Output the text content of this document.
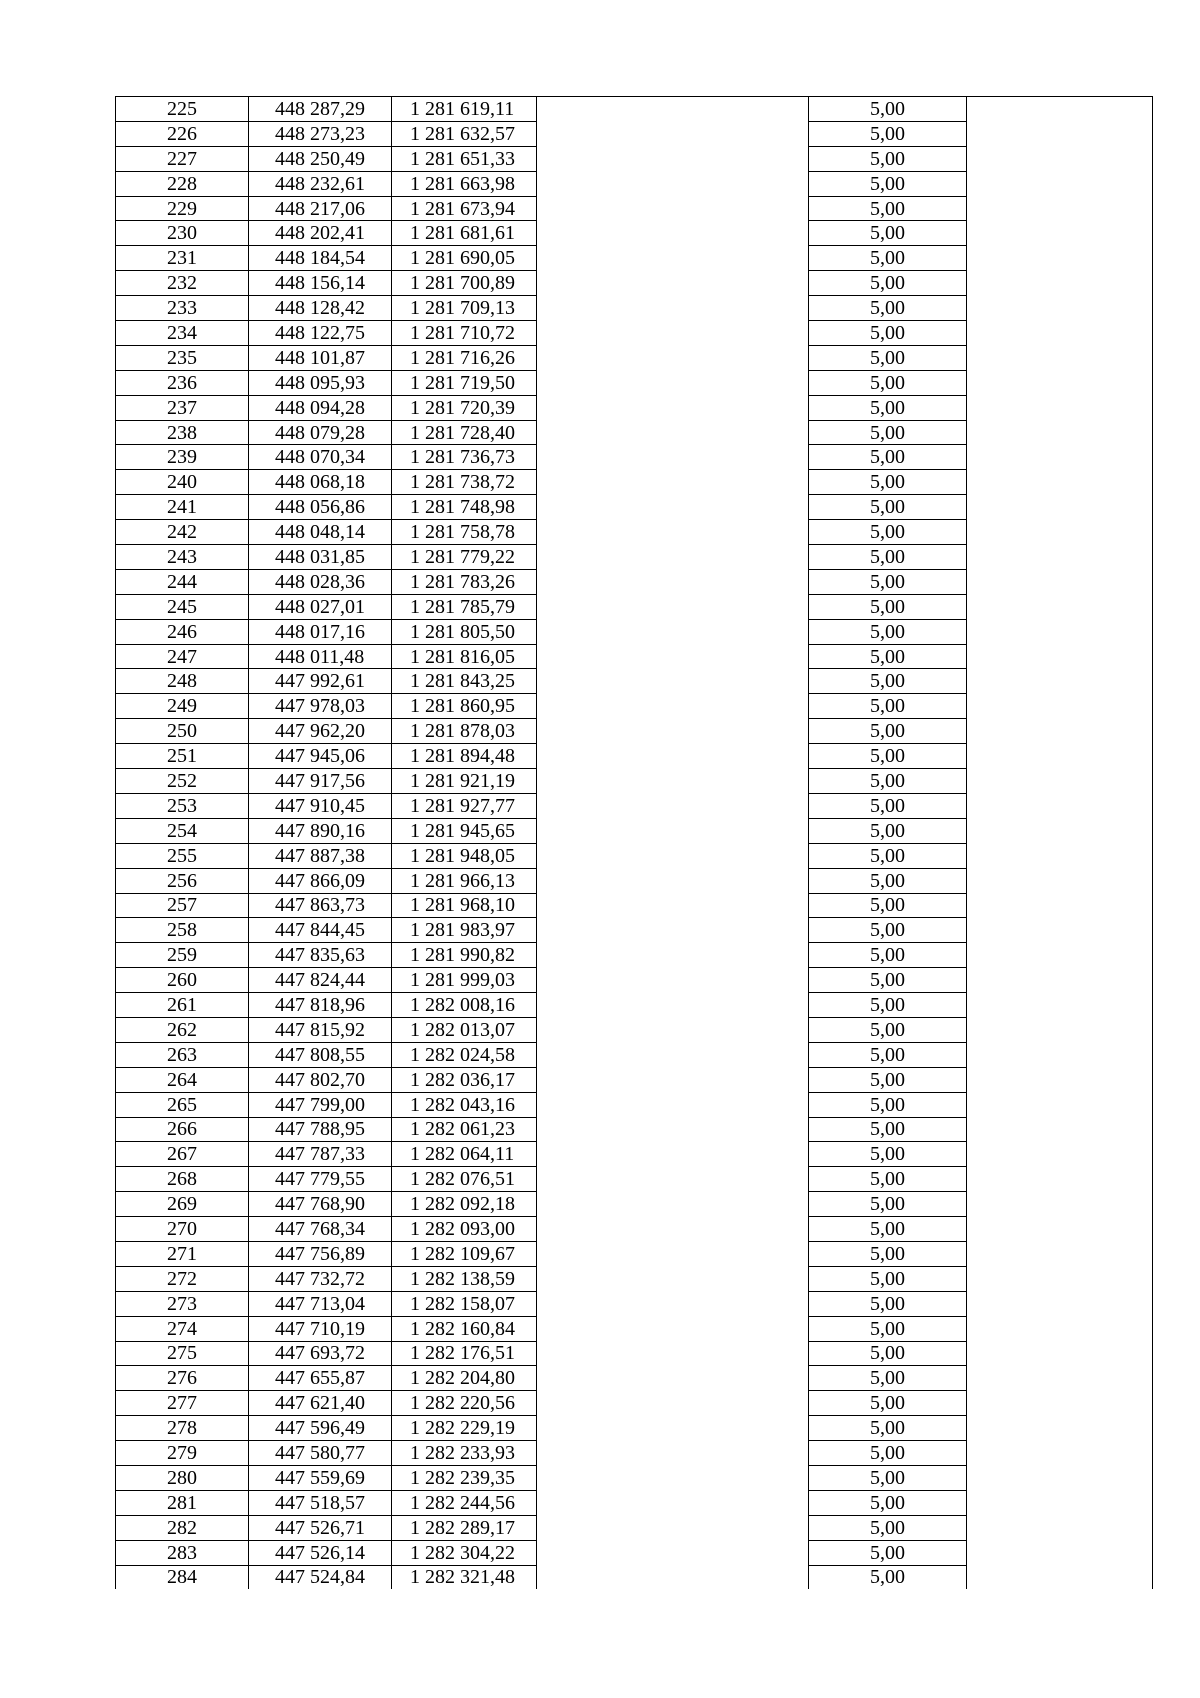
225	448 287,29	1 281 619,11		5,00	
226	448 273,23	1 281 632,57		5,00	
227	448 250,49	1 281 651,33		5,00	
228	448 232,61	1 281 663,98		5,00	
229	448 217,06	1 281 673,94		5,00	
230	448 202,41	1 281 681,61		5,00	
231	448 184,54	1 281 690,05		5,00	
232	448 156,14	1 281 700,89		5,00	
233	448 128,42	1 281 709,13		5,00	
234	448 122,75	1 281 710,72		5,00	
235	448 101,87	1 281 716,26		5,00	
236	448 095,93	1 281 719,50		5,00	
237	448 094,28	1 281 720,39		5,00	
238	448 079,28	1 281 728,40		5,00	
239	448 070,34	1 281 736,73		5,00	
240	448 068,18	1 281 738,72		5,00	
241	448 056,86	1 281 748,98		5,00	
242	448 048,14	1 281 758,78		5,00	
243	448 031,85	1 281 779,22		5,00	
244	448 028,36	1 281 783,26		5,00	
245	448 027,01	1 281 785,79		5,00	
246	448 017,16	1 281 805,50		5,00	
247	448 011,48	1 281 816,05		5,00	
248	447 992,61	1 281 843,25		5,00	
249	447 978,03	1 281 860,95		5,00	
250	447 962,20	1 281 878,03		5,00	
251	447 945,06	1 281 894,48		5,00	
252	447 917,56	1 281 921,19		5,00	
253	447 910,45	1 281 927,77		5,00	
254	447 890,16	1 281 945,65		5,00	
255	447 887,38	1 281 948,05		5,00	
256	447 866,09	1 281 966,13		5,00	
257	447 863,73	1 281 968,10		5,00	
258	447 844,45	1 281 983,97		5,00	
259	447 835,63	1 281 990,82		5,00	
260	447 824,44	1 281 999,03		5,00	
261	447 818,96	1 282 008,16		5,00	
262	447 815,92	1 282 013,07		5,00	
263	447 808,55	1 282 024,58		5,00	
264	447 802,70	1 282 036,17		5,00	
265	447 799,00	1 282 043,16		5,00	
266	447 788,95	1 282 061,23		5,00	
267	447 787,33	1 282 064,11		5,00	
268	447 779,55	1 282 076,51		5,00	
269	447 768,90	1 282 092,18		5,00	
270	447 768,34	1 282 093,00		5,00	
271	447 756,89	1 282 109,67		5,00	
272	447 732,72	1 282 138,59		5,00	
273	447 713,04	1 282 158,07		5,00	
274	447 710,19	1 282 160,84		5,00	
275	447 693,72	1 282 176,51		5,00	
276	447 655,87	1 282 204,80		5,00	
277	447 621,40	1 282 220,56		5,00	
278	447 596,49	1 282 229,19		5,00	
279	447 580,77	1 282 233,93		5,00	
280	447 559,69	1 282 239,35		5,00	
281	447 518,57	1 282 244,56		5,00	
282	447 526,71	1 282 289,17		5,00	
283	447 526,14	1 282 304,22		5,00	
284	447 524,84	1 282 321,48		5,00	
